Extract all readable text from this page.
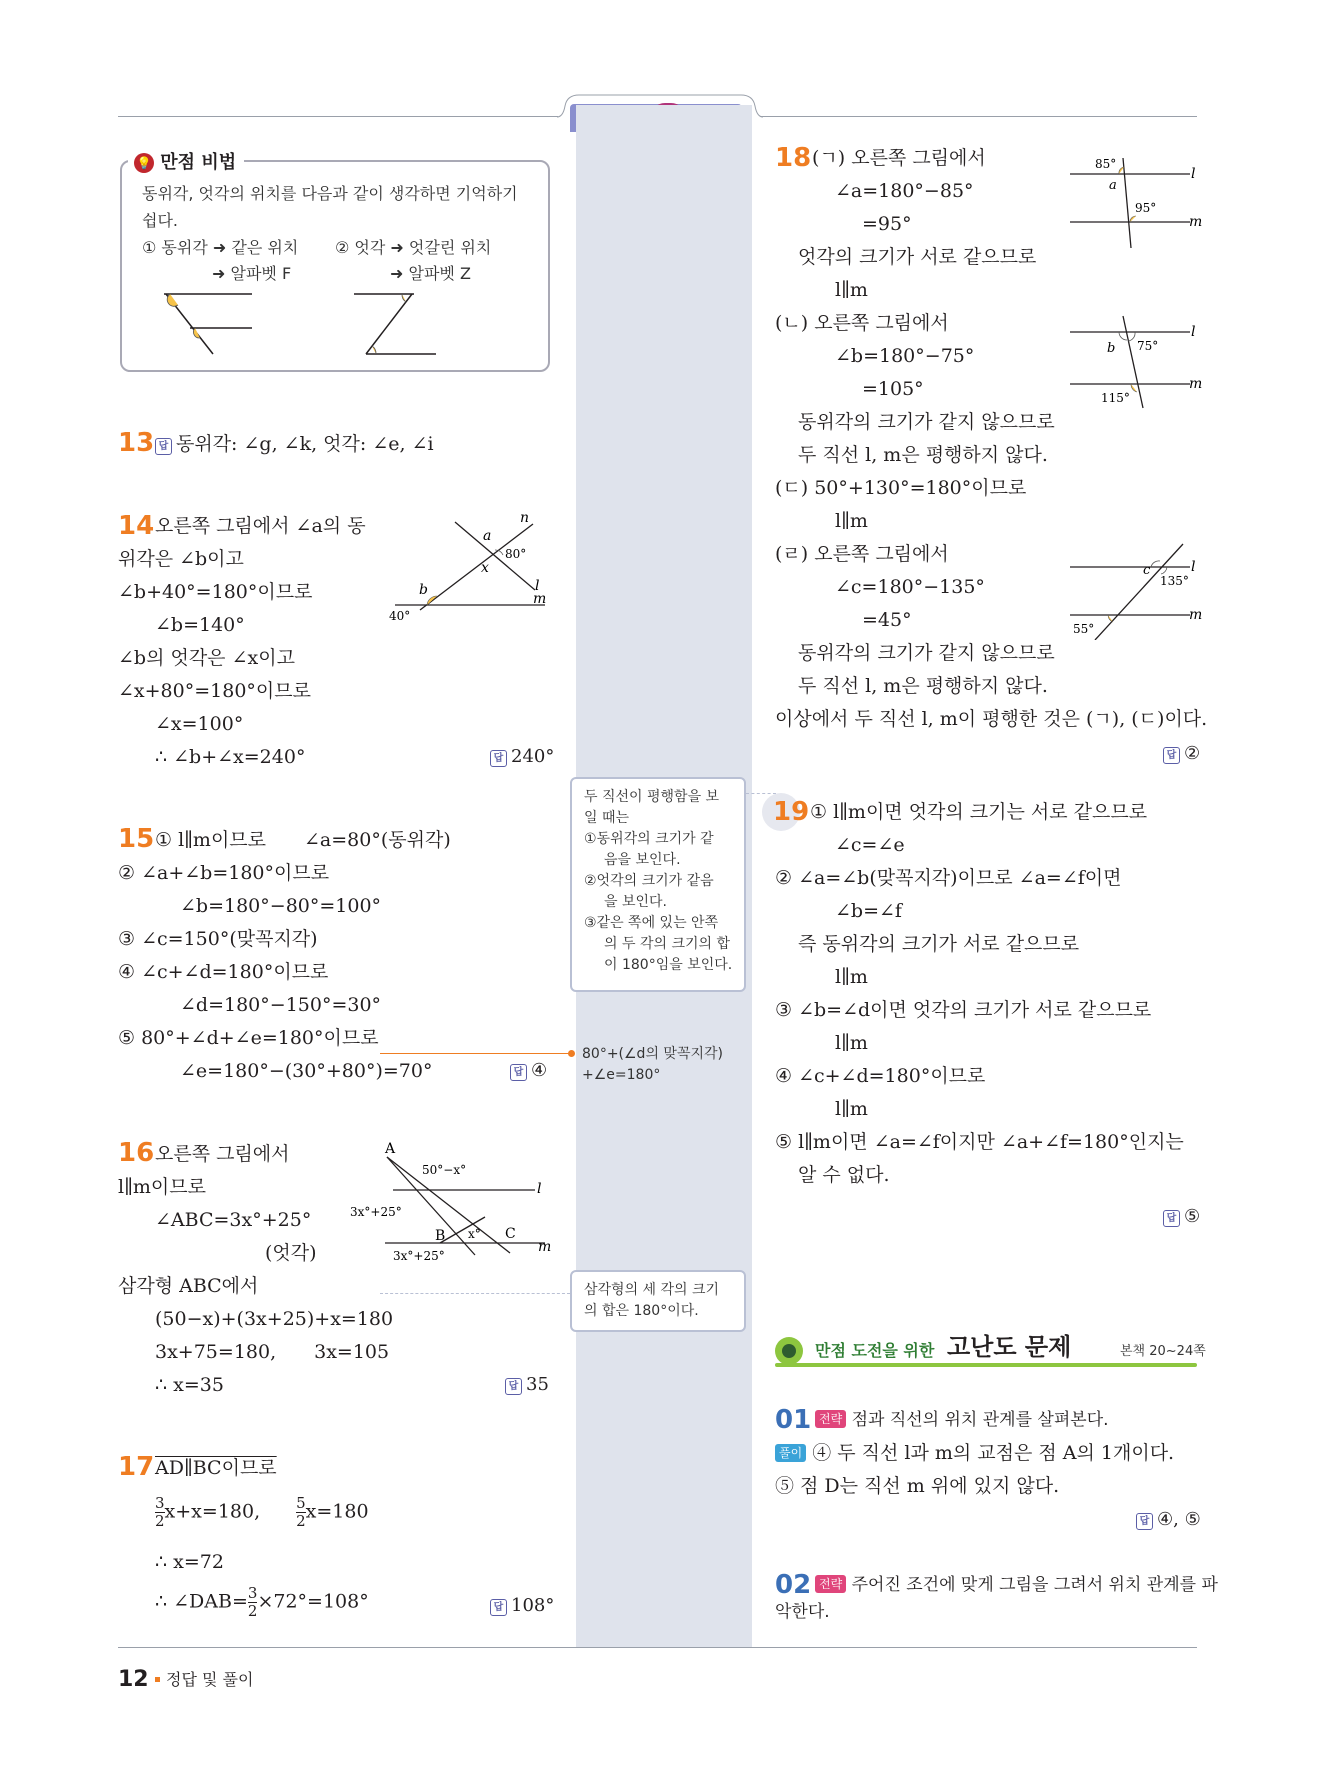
두 직선이 평행함을 보
일 때는
①동위각의 크기가 같
음을 보인다.
②엇각의 크기가 같음
을 보인다.
③같은 쪽에 있는 안쪽
의 두 각의 크기의 합
이 180°임을 보인다.
80°+(∠d의 맞꼭지각)
+∠e=180°
삼각형의 세 각의 크기
의 합은 180°이다.
💡 만점 비법
동위각, 엇각의 위치를 다음과 같이 생각하면 기억하기
쉽다.
① 동위각 ➜ 같은 위치
➜ 알파벳 F
② 엇각 ➜ 엇갈린 위치
➜ 알파벳 Z
13 답 동위각: ∠g, ∠k, 엇각: ∠e, ∠i
14 오른쪽 그림에서 ∠a의 동
위각은 ∠b이고
∠b+40°=180°이므로
∠b=140°
∠b의 엇각은 ∠x이고
∠x+80°=180°이므로
∠x=100°
∴ ∠b+∠x=240°	답 240°
a
x
b
n
l
m
80°
40°
15 ① l∥m이므로　　∠a=80°(동위각)
② ∠a+∠b=180°이므로
∠b=180°−80°=100°
③ ∠c=150°(맞꼭지각)
④ ∠c+∠d=180°이므로
∠d=180°−150°=30°
⑤ 80°+∠d+∠e=180°이므로
∠e=180°−(30°+80°)=70°	답 ④
16 오른쪽 그림에서
l∥m이므로
∠ABC=3x°+25°
(엇각)
삼각형 ABC에서
(50−x)+(3x+25)+x=180
3x+75=180,　　3x=105
∴ x=35	답 35
A
B	C
l
m
50°−x°
3x°+25°
x°
3x°+25°
17 AD∥BC이므로
$\frac{3}{2} x+x=180$, $\frac{5}{2} x=180$
∴ x=72
∴ ∠DAB= $\frac{3}{2} \times 72^\circ=108^\circ$	답 108°
18 (ㄱ) 오른쪽 그림에서
∠a=180°−85°
=95°
엇각의 크기가 서로 같으므로
l∥m
(ㄴ) 오른쪽 그림에서
∠b=180°−75°
=105°
동위각의 크기가 같지 않으므로
두 직선 l, m은 평행하지 않다.
(ㄷ) 50°+130°=180°이므로
l∥m
(ㄹ) 오른쪽 그림에서
∠c=180°−135°
=45°
동위각의 크기가 같지 않으므로
두 직선 l, m은 평행하지 않다.
이상에서 두 직선 l, m이 평행한 것은 (ㄱ), (ㄷ)이다.
답 ②
85°
a
95°
l
m
b 75°
115°
l
m
c
135°
55°
l
m
19 ① l∥m이면 엇각의 크기는 서로 같으므로
∠c=∠e
② ∠a=∠b(맞꼭지각)이므로 ∠a=∠f이면
∠b=∠f
즉 동위각의 크기가 서로 같으므로
l∥m
③ ∠b=∠d이면 엇각의 크기가 서로 같으므로
l∥m
④ ∠c+∠d=180°이므로
l∥m
⑤ l∥m이면 ∠a=∠f이지만 ∠a+∠f=180°인지는
알 수 없다.
답 ⑤
만점 도전을 위한 고난도 문제	본책 20~24쪽
01 전략 점과 직선의 위치 관계를 살펴본다.
풀이 ④ 두 직선 l과 m의 교점은 점 A의 1개이다.
⑤ 점 D는 직선 m 위에 있지 않다.
답 ④, ⑤
02 전략 주어진 조건에 맞게 그림을 그려서 위치 관계를 파
악한다.
12 정답 및 풀이
